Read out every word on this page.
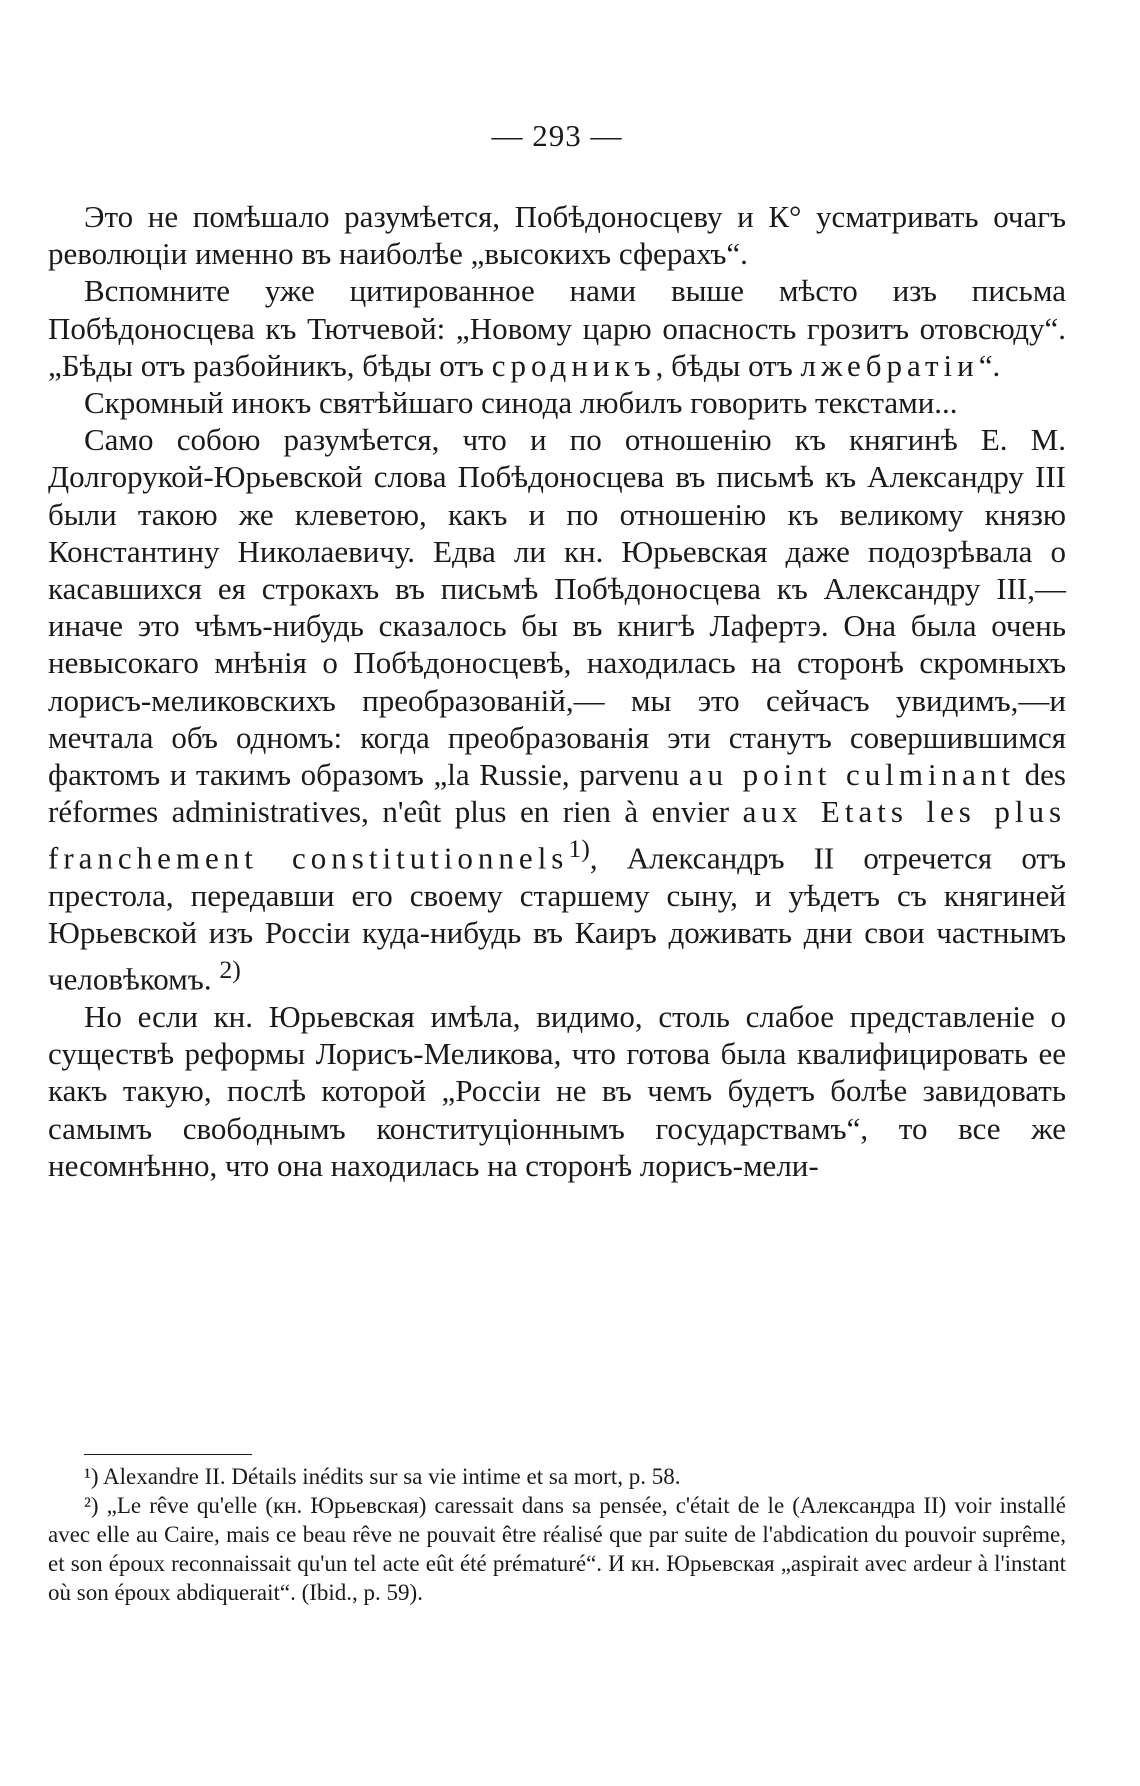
— 293 —

Это не помѣшало разумѣется, Побѣдоносцеву и К° усматривать очагъ революціи именно въ наиболѣе „высокихъ сферахъ“.

Вспомните уже цитированное нами выше мѣсто изъ письма Побѣдоносцева къ Тютчевой: „Новому царю опасность грозитъ отовсюду“. „Бѣды отъ разбойникъ, бѣды отъ сродникъ, бѣды отъ лжебратіи“.

Скромный инокъ святѣйшаго синода любилъ говорить текстами...

Само собою разумѣется, что и по отношенію къ княгинѣ Е. М. Долгорукой-Юрьевской слова Побѣдоносцева въ письмѣ къ Александру III были такою же клеветою, какъ и по отношенію къ великому князю Константину Николаевичу. Едва ли кн. Юрьевская даже подозрѣвала о касавшихся ея строкахъ въ письмѣ Побѣдоносцева къ Александру III,— иначе это чѣмъ-нибудь сказалось бы въ книгѣ Лафертэ. Она была очень невысокаго мнѣнія о Побѣдоносцевѣ, находилась на сторонѣ скромныхъ лорисъ-меликовскихъ преобразованій,— мы это сейчасъ увидимъ,—и мечтала объ одномъ: когда преобразованія эти станутъ совершившимся фактомъ и такимъ образомъ „la Russie, parvenu au point culminant des réformes administratives, n'eût plus en rien à envier aux Etats les plus franchement constitutionnels$^{1)}$, Александръ II отречется отъ престола, передавши его своему старшему сыну, и уѣдетъ съ княгиней Юрьевской изъ Россіи куда-нибудь въ Каиръ доживать дни свои частнымъ человѣкомъ. $^{2)}$

Но если кн. Юрьевская имѣла, видимо, столь слабое представленіе о существѣ реформы Лорисъ-Меликова, что готова была квалифицировать ее какъ такую, послѣ которой „Россіи не въ чемъ будетъ болѣе завидовать самымъ свободнымъ конституціоннымъ государствамъ“, то все же несомнѣнно, что она находилась на сторонѣ лорисъ-мели-

¹) Alexandre II. Détails inédits sur sa vie intime et sa mort, p. 58.

²) „Le rêve qu'elle (кн. Юрьевская) caressait dans sa pensée, c'était de le (Александра II) voir installé avec elle au Caire, mais ce beau rêve ne pouvait être réalisé que par suite de l'abdication du pouvoir suprême, et son époux reconnaissait qu'un tel acte eût été prématuré“. И кн. Юрьевская „aspirait avec ardeur à l'instant où son époux abdiquerait“. (Ibid., p. 59).
